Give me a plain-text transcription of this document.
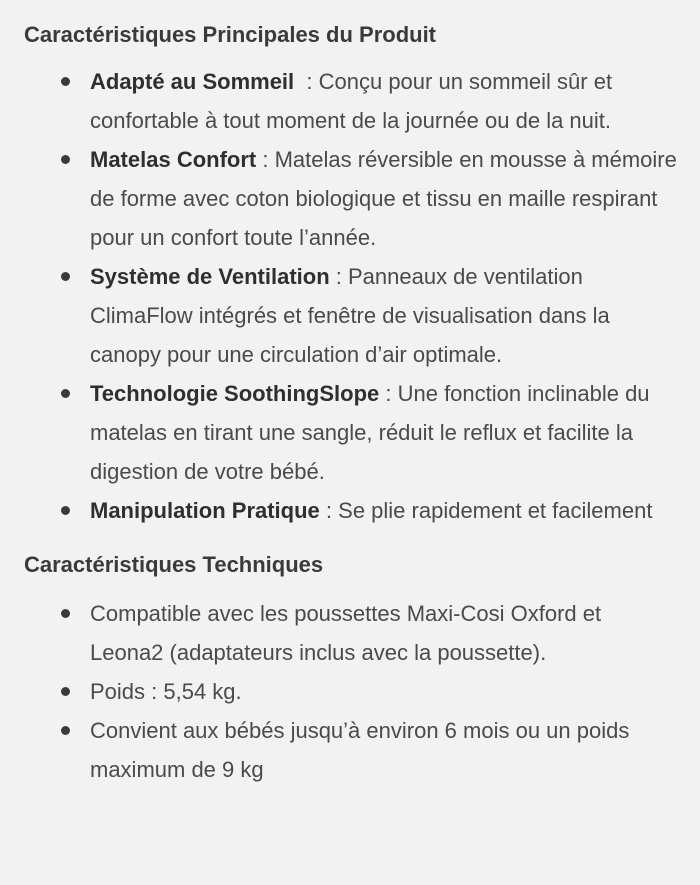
Caractéristiques Principales du Produit
Adapté au Sommeil  : Conçu pour un sommeil sûr et confortable à tout moment de la journée ou de la nuit.
Matelas Confort : Matelas réversible en mousse à mémoire de forme avec coton biologique et tissu en maille respirant pour un confort toute l’année.
Système de Ventilation : Panneaux de ventilation ClimaFlow intégrés et fenêtre de visualisation dans la canopy pour une circulation d’air optimale.
Technologie SoothingSlope : Une fonction inclinable du matelas en tirant une sangle, réduit le reflux et facilite la digestion de votre bébé.
Manipulation Pratique : Se plie rapidement et facilement
Caractéristiques Techniques
Compatible avec les poussettes Maxi-Cosi Oxford et Leona2 (adaptateurs inclus avec la poussette).
Poids : 5,54 kg.
Convient aux bébés jusqu’à environ 6 mois ou un poids maximum de 9 kg
